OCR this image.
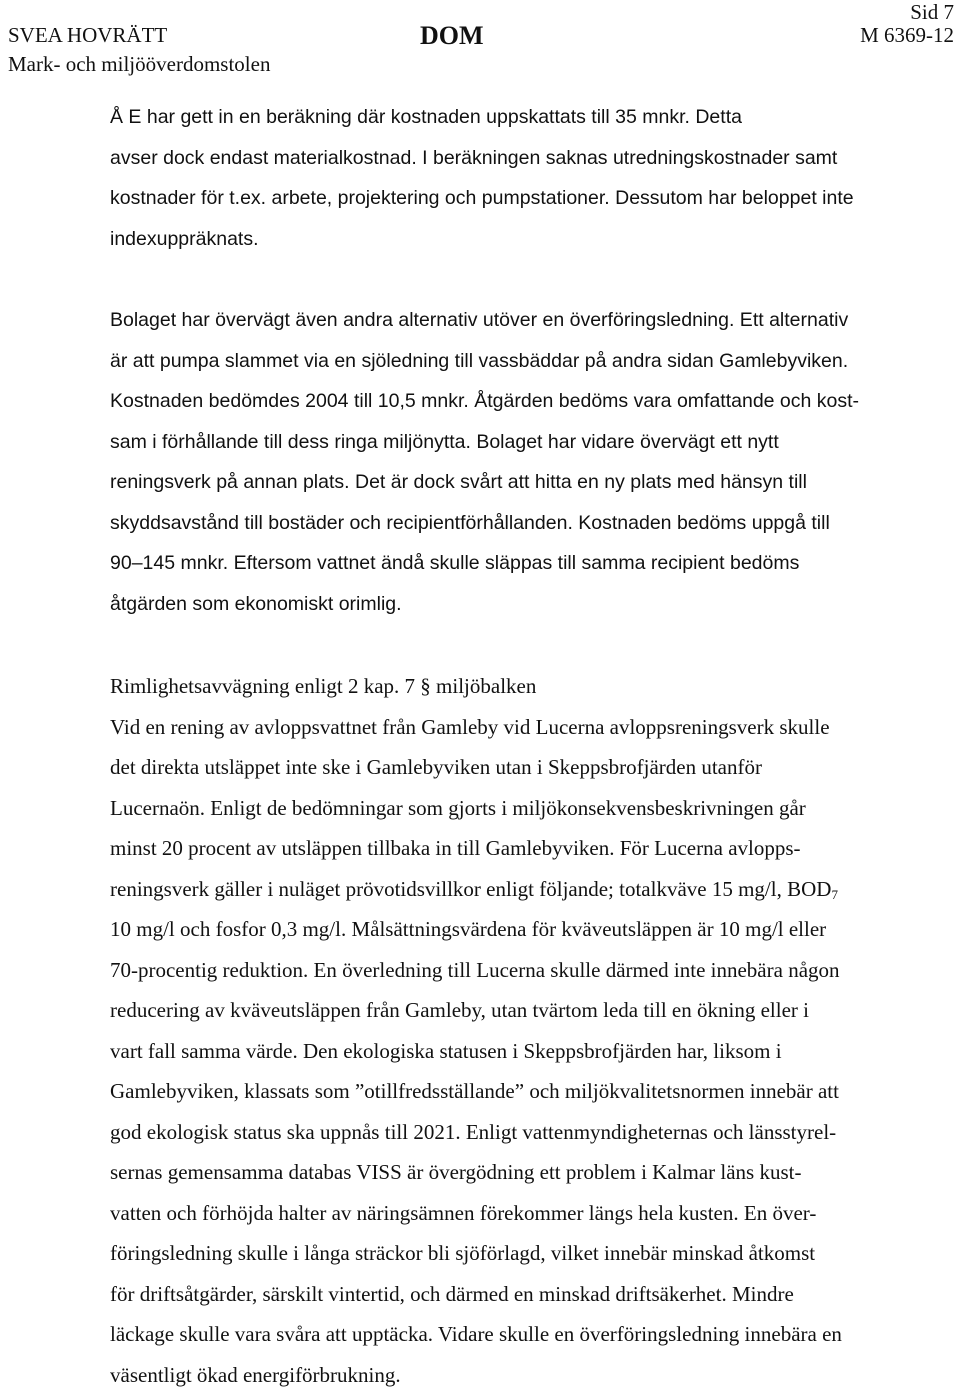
SVEA HOVRÄTT
Mark- och miljööverdomstolen
DOM
Sid 7
M 6369-12
Å E har gett in en beräkning där kostnaden uppskattats till 35 mnkr. Detta
avser dock endast materialkostnad. I beräkningen saknas utredningskostnader samt
kostnader för t.ex. arbete, projektering och pumpstationer. Dessutom har beloppet inte
indexuppräknats.
Bolaget har övervägt även andra alternativ utöver en överföringsledning. Ett alternativ
är att pumpa slammet via en sjöledning till vassbäddar på andra sidan Gamlebyviken.
Kostnaden bedömdes 2004 till 10,5 mnkr. Åtgärden bedöms vara omfattande och kost-
sam i förhållande till dess ringa miljönytta. Bolaget har vidare övervägt ett nytt
reningsverk på annan plats. Det är dock svårt att hitta en ny plats med hänsyn till
skyddsavstånd till bostäder och recipientförhållanden. Kostnaden bedöms uppgå till
90–145 mnkr. Eftersom vattnet ändå skulle släppas till samma recipient bedöms
åtgärden som ekonomiskt orimlig.
Rimlighetsavvägning enligt 2 kap. 7 § miljöbalken
Vid en rening av avloppsvattnet från Gamleby vid Lucerna avloppsreningsverk skulle
det direkta utsläppet inte ske i Gamlebyviken utan i Skeppsbrofjärden utanför
Lucernaön. Enligt de bedömningar som gjorts i miljökonsekvensbeskrivningen går
minst 20 procent av utsläppen tillbaka in till Gamlebyviken. För Lucerna avlopps-
reningsverk gäller i nuläget prövotidsvillkor enligt följande; totalkväve 15 mg/l, $BOD_7$
10 mg/l och fosfor 0,3 mg/l. Målsättningsvärdena för kväveutsläppen är 10 mg/l eller
70-procentig reduktion. En överledning till Lucerna skulle därmed inte innebära någon
reducering av kväveutsläppen från Gamleby, utan tvärtom leda till en ökning eller i
vart fall samma värde. Den ekologiska statusen i Skeppsbrofjärden har, liksom i
Gamlebyviken, klassats som ”otillfredsställande” och miljökvalitetsnormen innebär att
god ekologisk status ska uppnås till 2021. Enligt vattenmyndigheternas och länsstyrel-
sernas gemensamma databas VISS är övergödning ett problem i Kalmar läns kust-
vatten och förhöjda halter av näringsämnen förekommer längs hela kusten. En över-
föringsledning skulle i långa sträckor bli sjöförlagd, vilket innebär minskad åtkomst
för driftsåtgärder, särskilt vintertid, och därmed en minskad driftsäkerhet. Mindre
läckage skulle vara svåra att upptäcka. Vidare skulle en överföringsledning innebära en
väsentligt ökad energiförbrukning.
